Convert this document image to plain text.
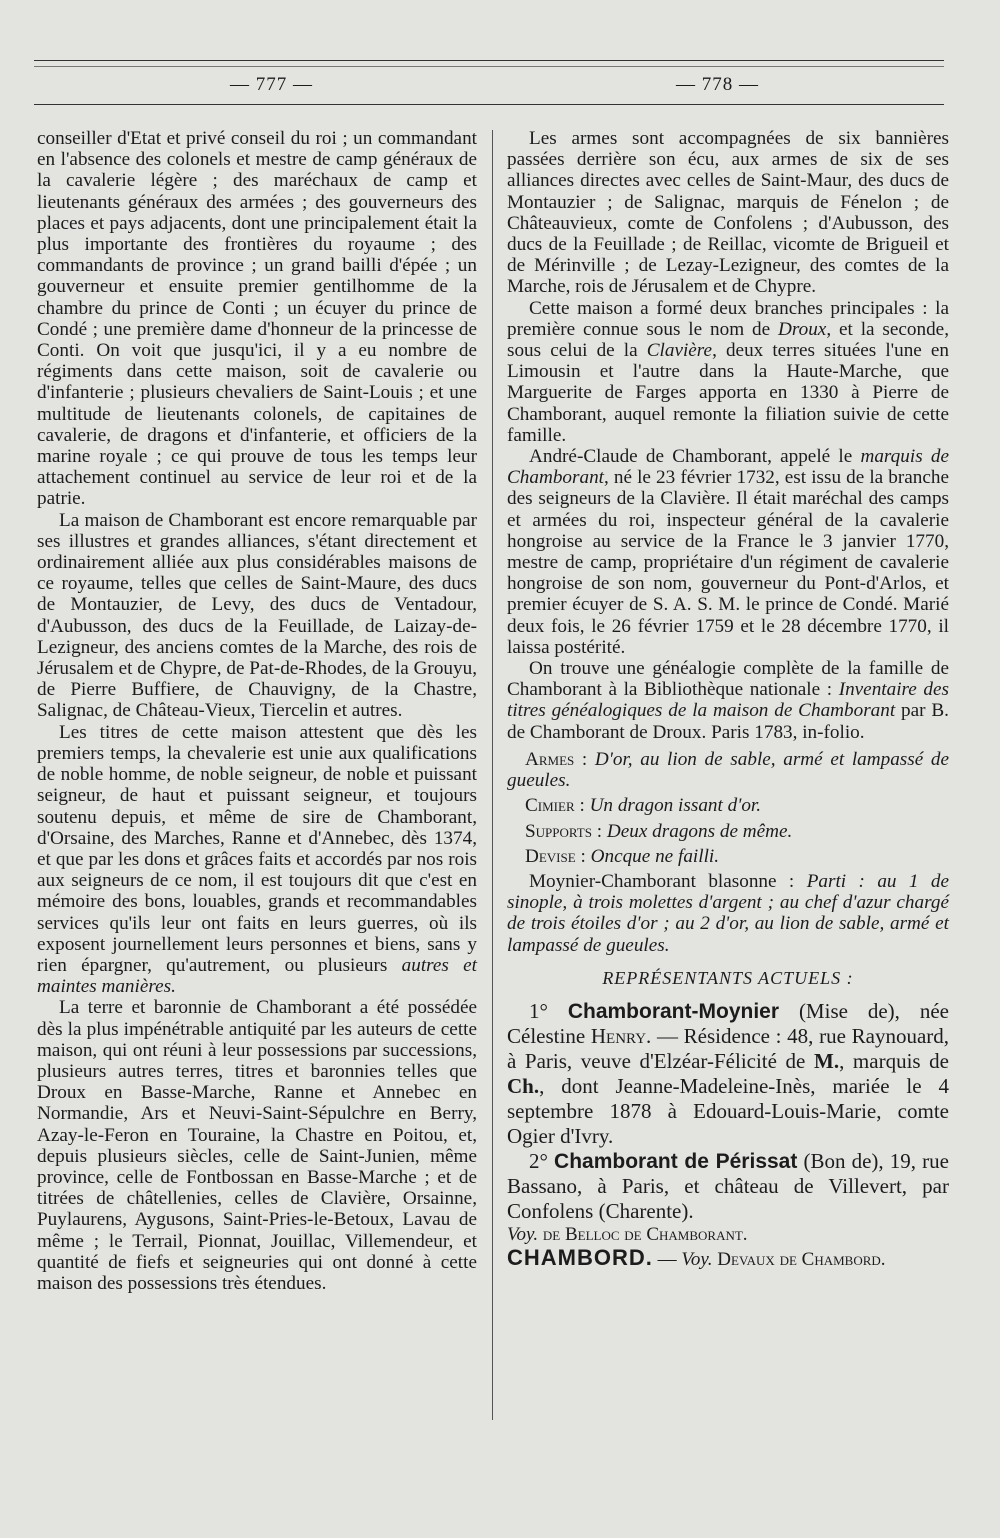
— 777 —	— 778 —

conseiller d'Etat et privé conseil du roi ; un commandant en l'absence des colonels et mestre de camp généraux de la cavalerie légère ; des maréchaux de camp et lieutenants généraux des armées ; des gouverneurs des places et pays adjacents, dont une principalement était la plus importante des frontières du royaume ; des commandants de province ; un grand bailli d'épée ; un gouverneur et ensuite premier gentilhomme de la chambre du prince de Conti ; un écuyer du prince de Condé ; une première dame d'honneur de la princesse de Conti. On voit que jusqu'ici, il y a eu nombre de régiments dans cette maison, soit de cavalerie ou d'infanterie ; plusieurs chevaliers de Saint-Louis ; et une multitude de lieutenants colonels, de capitaines de cavalerie, de dragons et d'infanterie, et officiers de la marine royale ; ce qui prouve de tous les temps leur attachement continuel au service de leur roi et de la patrie.

La maison de Chamborant est encore remarquable par ses illustres et grandes alliances, s'étant directement et ordinairement alliée aux plus considérables maisons de ce royaume, telles que celles de Saint-Maure, des ducs de Montauzier, de Levy, des ducs de Ventadour, d'Aubusson, des ducs de la Feuillade, de Laizay-de-Lezigneur, des anciens comtes de la Marche, des rois de Jérusalem et de Chypre, de Pat-de-Rhodes, de la Grouyu, de Pierre Buffiere, de Chauvigny, de la Chastre, Salignac, de Château-Vieux, Tiercelin et autres.

Les titres de cette maison attestent que dès les premiers temps, la chevalerie est unie aux qualifications de noble homme, de noble seigneur, de noble et puissant seigneur, de haut et puissant seigneur, et toujours soutenu depuis, et même de sire de Chamborant, d'Orsaine, des Marches, Ranne et d'Annebec, dès 1374, et que par les dons et grâces faits et accordés par nos rois aux seigneurs de ce nom, il est toujours dit que c'est en mémoire des bons, louables, grands et recommandables services qu'ils leur ont faits en leurs guerres, où ils exposent journellement leurs personnes et biens, sans y rien épargner, qu'autrement, ou plusieurs autres et maintes manières.

La terre et baronnie de Chamborant a été possédée dès la plus impénétrable antiquité par les auteurs de cette maison, qui ont réuni à leur possessions par successions, plusieurs autres terres, titres et baronnies telles que Droux en Basse-Marche, Ranne et Annebec en Normandie, Ars et Neuvi-Saint-Sépulchre en Berry, Azay-le-Feron en Touraine, la Chastre en Poitou, et, depuis plusieurs siècles, celle de Saint-Junien, même province, celle de Fontbossan en Basse-Marche ; et de titrées de châtellenies, celles de Clavière, Orsainne, Puylaurens, Aygusons, Saint-Pries-le-Betoux, Lavau de même ; le Terrail, Pionnat, Jouillac, Villemendeur, et quantité de fiefs et seigneuries qui ont donné à cette maison des possessions très étendues.

Les armes sont accompagnées de six bannières passées derrière son écu, aux armes de six de ses alliances directes avec celles de Saint-Maur, des ducs de Montauzier ; de Salignac, marquis de Fénelon ; de Châteauvieux, comte de Confolens ; d'Aubusson, des ducs de la Feuillade ; de Reillac, vicomte de Brigueil et de Mérinville ; de Lezay-Lezigneur, des comtes de la Marche, rois de Jérusalem et de Chypre.

Cette maison a formé deux branches principales : la première connue sous le nom de Droux, et la seconde, sous celui de la Clavière, deux terres situées l'une en Limousin et l'autre dans la Haute-Marche, que Marguerite de Farges apporta en 1330 à Pierre de Chamborant, auquel remonte la filiation suivie de cette famille.

André-Claude de Chamborant, appelé le marquis de Chamborant, né le 23 février 1732, est issu de la branche des seigneurs de la Clavière. Il était maréchal des camps et armées du roi, inspecteur général de la cavalerie hongroise au service de la France le 3 janvier 1770, mestre de camp, propriétaire d'un régiment de cavalerie hongroise de son nom, gouverneur du Pont-d'Arlos, et premier écuyer de S. A. S. M. le prince de Condé. Marié deux fois, le 26 février 1759 et le 28 décembre 1770, il laissa postérité.

On trouve une généalogie complète de la famille de Chamborant à la Bibliothèque nationale : Inventaire des titres généalogiques de la maison de Chamborant par B. de Chamborant de Droux. Paris 1783, in-folio.

Armes : D'or, au lion de sable, armé et lampassé de gueules.

Cimier : Un dragon issant d'or.

Supports : Deux dragons de même.

Devise : Oncque ne failli.

Moynier-Chamborant blasonne : Parti : au 1 de sinople, à trois molettes d'argent ; au chef d'azur chargé de trois étoiles d'or ; au 2 d'or, au lion de sable, armé et lampassé de gueules.

REPRÉSENTANTS ACTUELS :

1° Chamborant-Moynier (Mise de), née Célestine Henry. — Résidence : 48, rue Raynouard, à Paris, veuve d'Elzéar-Félicité de M., marquis de Ch., dont Jeanne-Madeleine-Inès, mariée le 4 septembre 1878 à Edouard-Louis-Marie, comte Ogier d'Ivry.

2° Chamborant de Périssat (Bon de), 19, rue Bassano, à Paris, et château de Villevert, par Confolens (Charente).

Voy. de Belloc de Chamborant.

CHAMBORD. — Voy. Devaux de Chambord.
